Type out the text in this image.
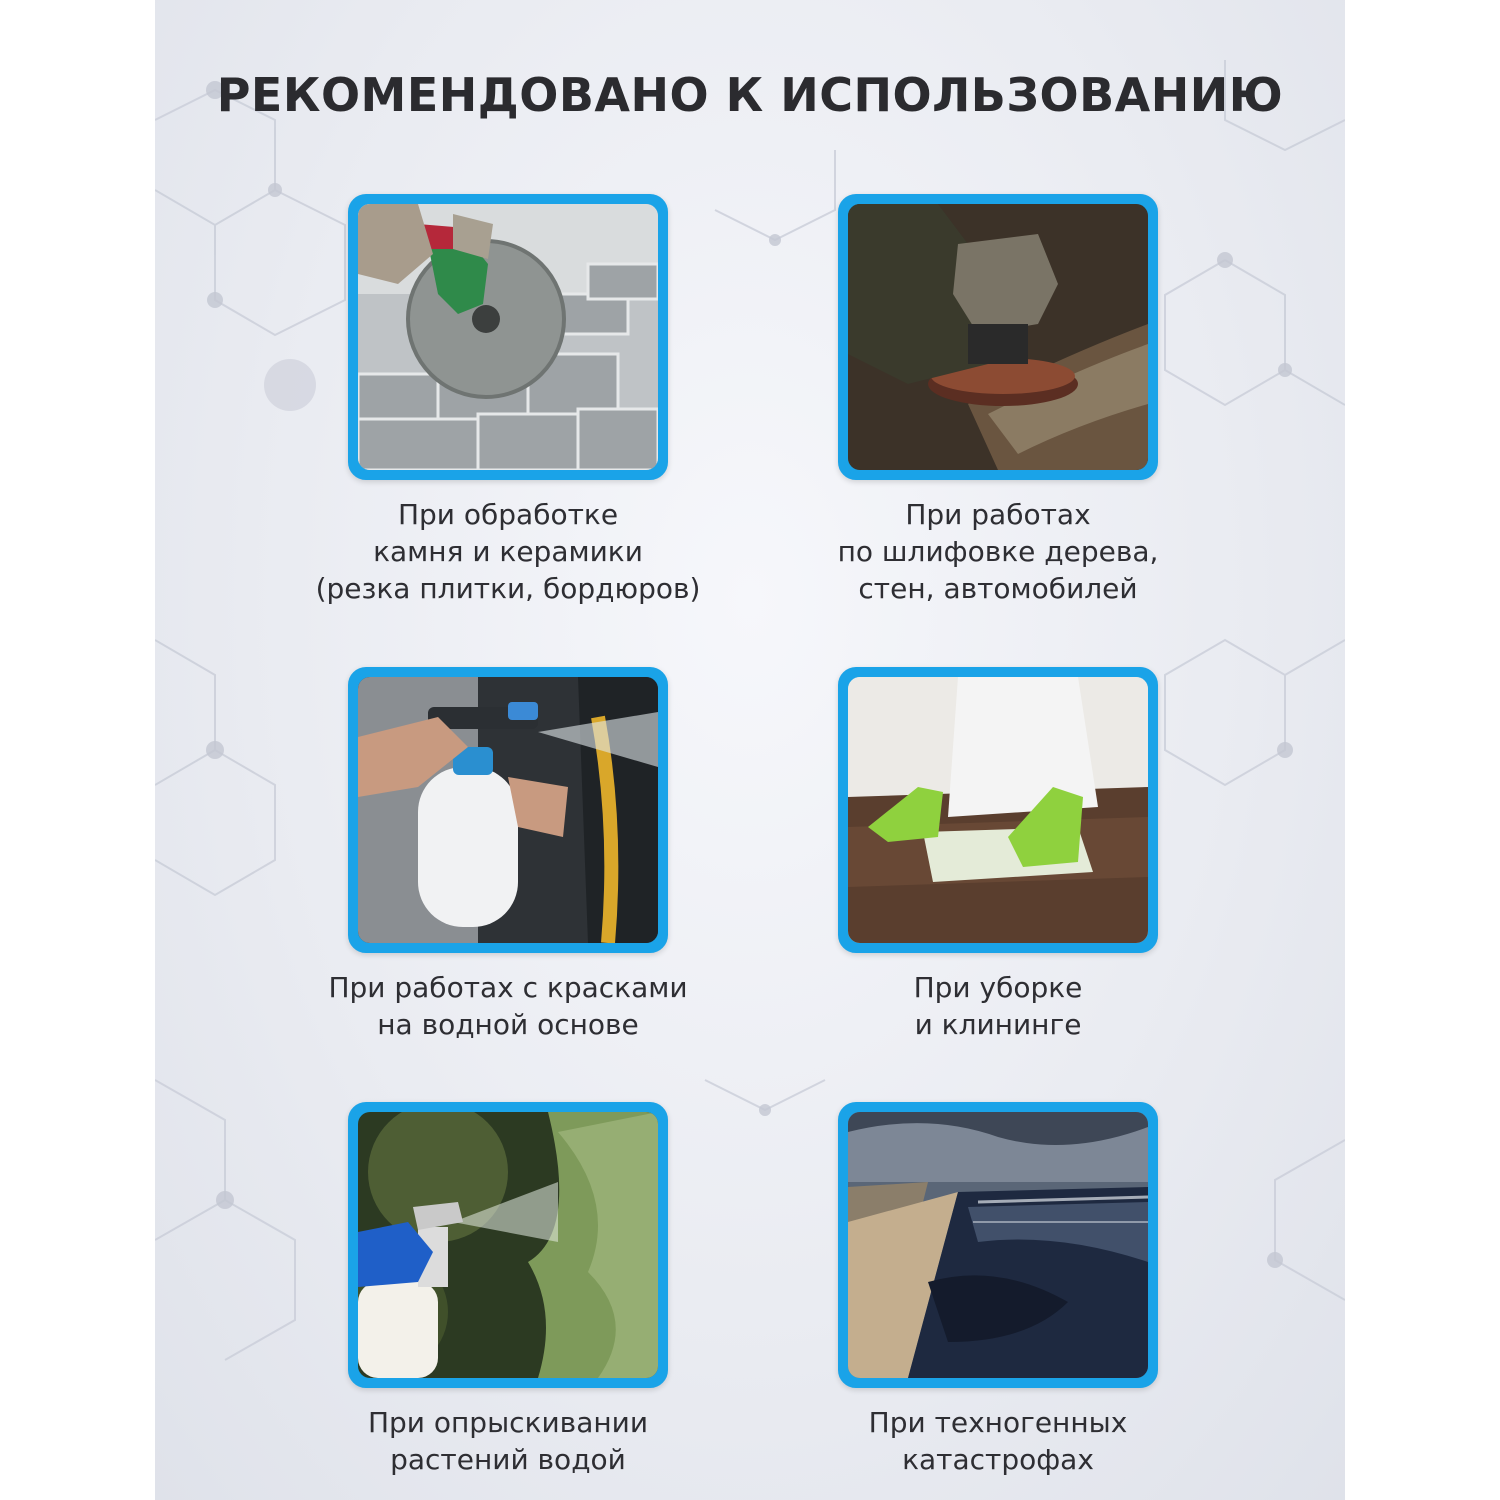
РЕКОМЕНДОВАНО К ИСПОЛЬЗОВАНИЮ
При обработке
камня и керамики
(резка плитки, бордюров)
При работах
по шлифовке дерева,
стен, автомобилей
При работах с красками
на водной основе
При уборке
и клининге
При опрыскивании
растений водой
При техногенных
катастрофах
